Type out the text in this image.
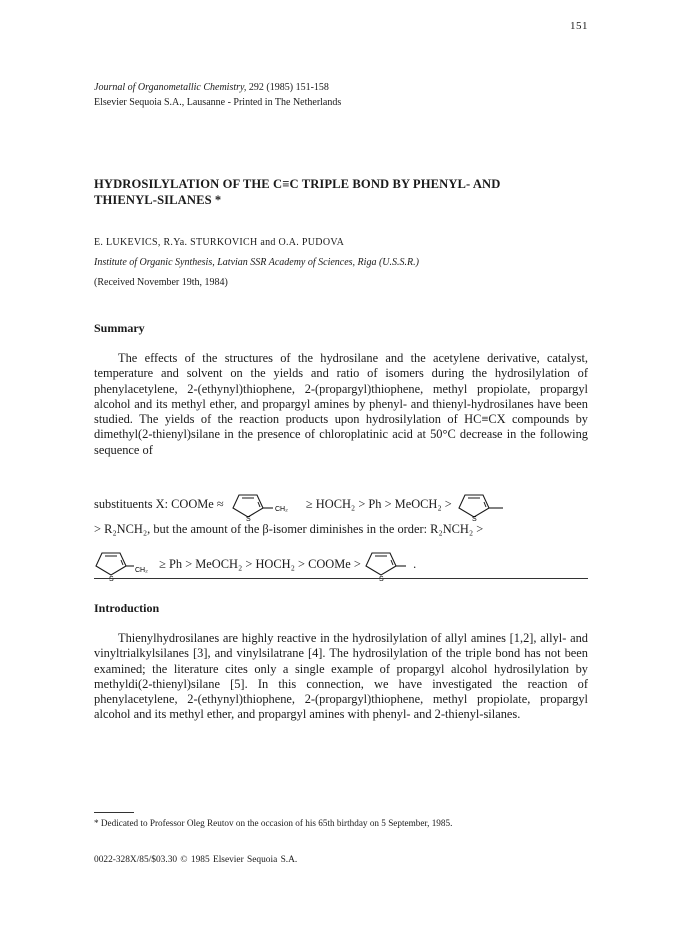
151
Journal of Organometallic Chemistry, 292 (1985) 151-158
Elsevier Sequoia S.A., Lausanne - Printed in The Netherlands
HYDROSILYLATION OF THE C≡C TRIPLE BOND BY PHENYL- AND
THIENYL-SILANES *
E. LUKEVICS, R.Ya. STURKOVICH and O.A. PUDOVA
Institute of Organic Synthesis, Latvian SSR Academy of Sciences, Riga (U.S.S.R.)
(Received November 19th, 1984)
Summary
The effects of the structures of the hydrosilane and the acetylene derivative, catalyst, temperature and solvent on the yields and ratio of isomers during the hydrosilylation of phenylacetylene, 2-(ethynyl)thiophene, 2-(propargyl)thiophene, methyl propiolate, propargyl alcohol and its methyl ether, and propargyl amines by phenyl- and thienyl-hydrosilanes have been studied. The yields of the reaction products upon hydrosilylation of HC≡CX compounds by dimethyl(2-thienyl)silane in the presence of chloroplatinic acid at 50°C decrease in the following sequence of
substituents X: COOMe ≈
S
CH₂ ≥ HOCH₂ > Ph > MeOCH₂ >
S
> R₂NCH₂, but the amount of the β-isomer diminishes in the order: R₂NCH₂ >
S
CH₂ ≥ Ph > MeOCH₂ > HOCH₂ > COOMe >
S
.
Introduction
Thienylhydrosilanes are highly reactive in the hydrosilylation of allyl amines [1,2], allyl- and vinyltrialkylsilanes [3], and vinylsilatrane [4]. The hydrosilylation of the triple bond has not been examined; the literature cites only a single example of propargyl alcohol hydrosilylation by methyldi(2-thienyl)silane [5]. In this connection, we have investigated the reaction of phenylacetylene, 2-(ethynyl)thiophene, 2-(propargyl)thiophene, methyl propiolate, propargyl alcohol and its methyl ether, and propargyl amines with phenyl- and 2-thienyl-silanes.
* Dedicated to Professor Oleg Reutov on the occasion of his 65th birthday on 5 September, 1985.
0022-328X/85/$03.30 © 1985 Elsevier Sequoia S.A.
